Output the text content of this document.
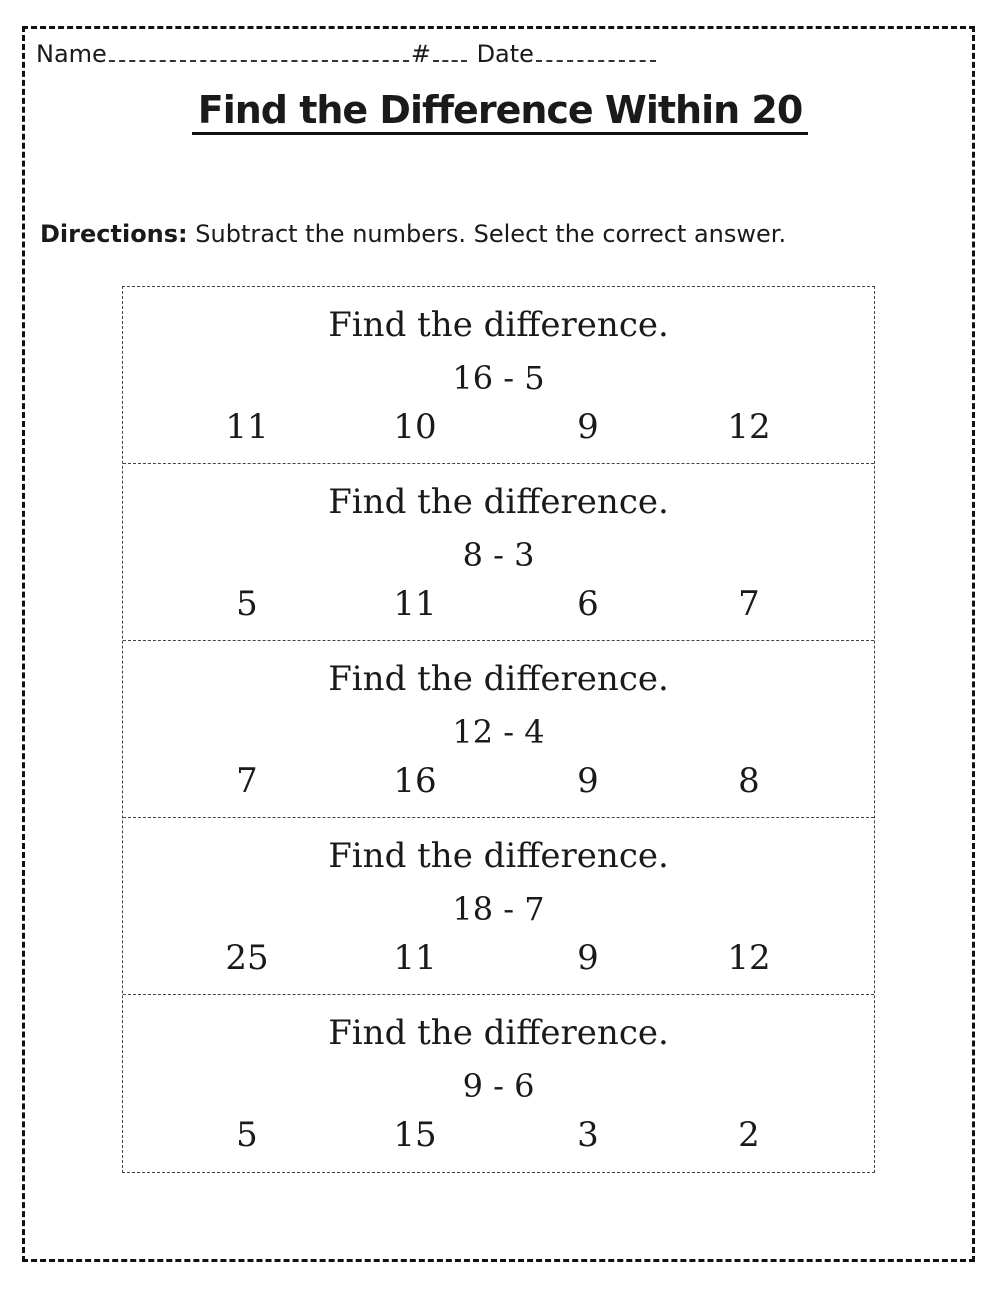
Name	# Date
Find the Difference Within 20
Directions: Subtract the numbers. Select the correct answer.
Find the difference.
16 - 5
11	10	9	12
Find the difference.
8 - 3
5	11	6	7
Find the difference.
12 - 4
7	16	9	8
Find the difference.
18 - 7
25	11	9	12
Find the difference.
9 - 6
5	15	3	2
